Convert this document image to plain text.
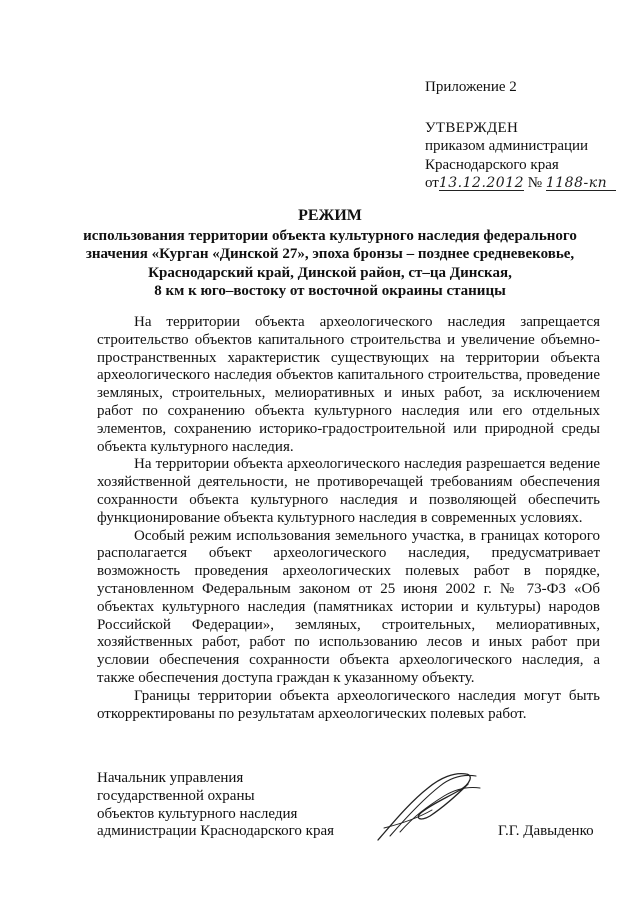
Приложение 2
УТВЕРЖДЕН
приказом администрации
Краснодарского края
от13.12.2012 № 1188-кп
РЕЖИМ
использования территории объекта культурного наследия федерального
значения «Курган «Динской 27», эпоха бронзы – позднее средневековье,
Краснодарский край, Динской район, ст–ца Динская,
8 км к юго–востоку от восточной окраины станицы

На территории объекта археологического наследия запрещается строительство объектов капитального строительства и увеличение объемно-пространственных характеристик существующих на территории объекта археологического наследия объектов капитального строительства, проведение земляных, строительных, мелиоративных и иных работ, за исключением работ по сохранению объекта культурного наследия или его отдельных элементов, сохранению историко-градостроительной или природной среды объекта культурного наследия.

На территории объекта археологического наследия разрешается ведение хозяйственной деятельности, не противоречащей требованиям обеспечения сохранности объекта культурного наследия и позволяющей обеспечить функционирование объекта культурного наследия в современных условиях.

Особый режим использования земельного участка, в границах которого располагается объект археологического наследия, предусматривает возможность проведения археологических полевых работ в порядке, установленном Федеральным законом от 25 июня 2002 г. № 73-ФЗ «Об объектах культурного наследия (памятниках истории и культуры) народов Российской Федерации», земляных, строительных, мелиоративных, хозяйственных работ, работ по использованию лесов и иных работ при условии обеспечения сохранности объекта археологического наследия, а также обеспечения доступа граждан к указанному объекту.

Границы территории объекта археологического наследия могут быть откорректированы по результатам археологических полевых работ.

Начальник управления
государственной охраны
объектов культурного наследия
администрации Краснодарского края	Г.Г. Давыденко
